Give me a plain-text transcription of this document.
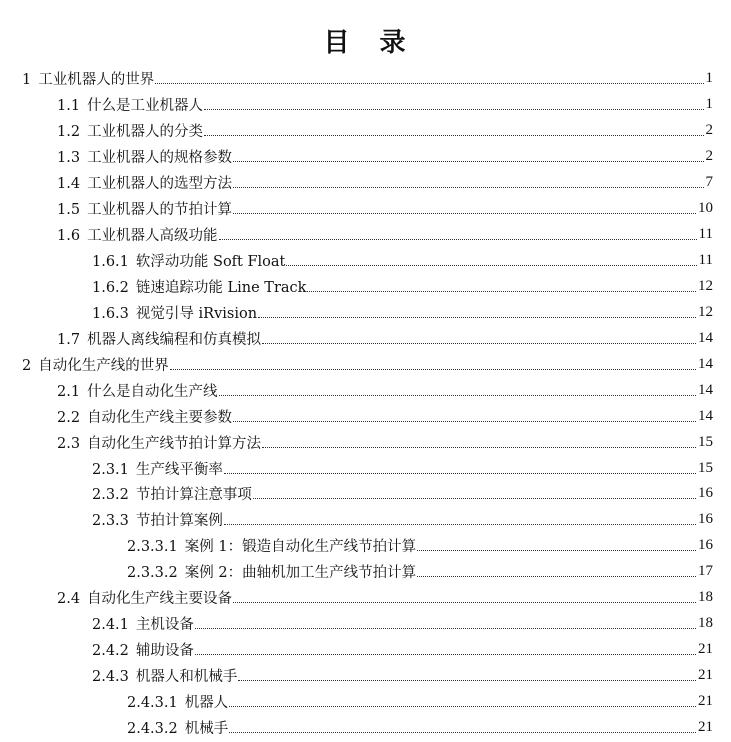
目　录
1 工业机器人的世界	1
1.1 什么是工业机器人	1
1.2 工业机器人的分类	2
1.3 工业机器人的规格参数	2
1.4 工业机器人的选型方法	7
1.5 工业机器人的节拍计算	10
1.6 工业机器人高级功能	11
1.6.1 软浮动功能 Soft Float	11
1.6.2 链速追踪功能 Line Track	12
1.6.3 视觉引导 iRvision	12
1.7 机器人离线编程和仿真模拟	14
2 自动化生产线的世界	14
2.1 什么是自动化生产线	14
2.2 自动化生产线主要参数	14
2.3 自动化生产线节拍计算方法	15
2.3.1 生产线平衡率	15
2.3.2 节拍计算注意事项	16
2.3.3 节拍计算案例	16
2.3.3.1 案例 1：锻造自动化生产线节拍计算	16
2.3.3.2 案例 2：曲轴机加工生产线节拍计算	17
2.4 自动化生产线主要设备	18
2.4.1 主机设备	18
2.4.2 辅助设备	21
2.4.3 机器人和机械手	21
2.4.3.1 机器人	21
2.4.3.2 机械手	21
